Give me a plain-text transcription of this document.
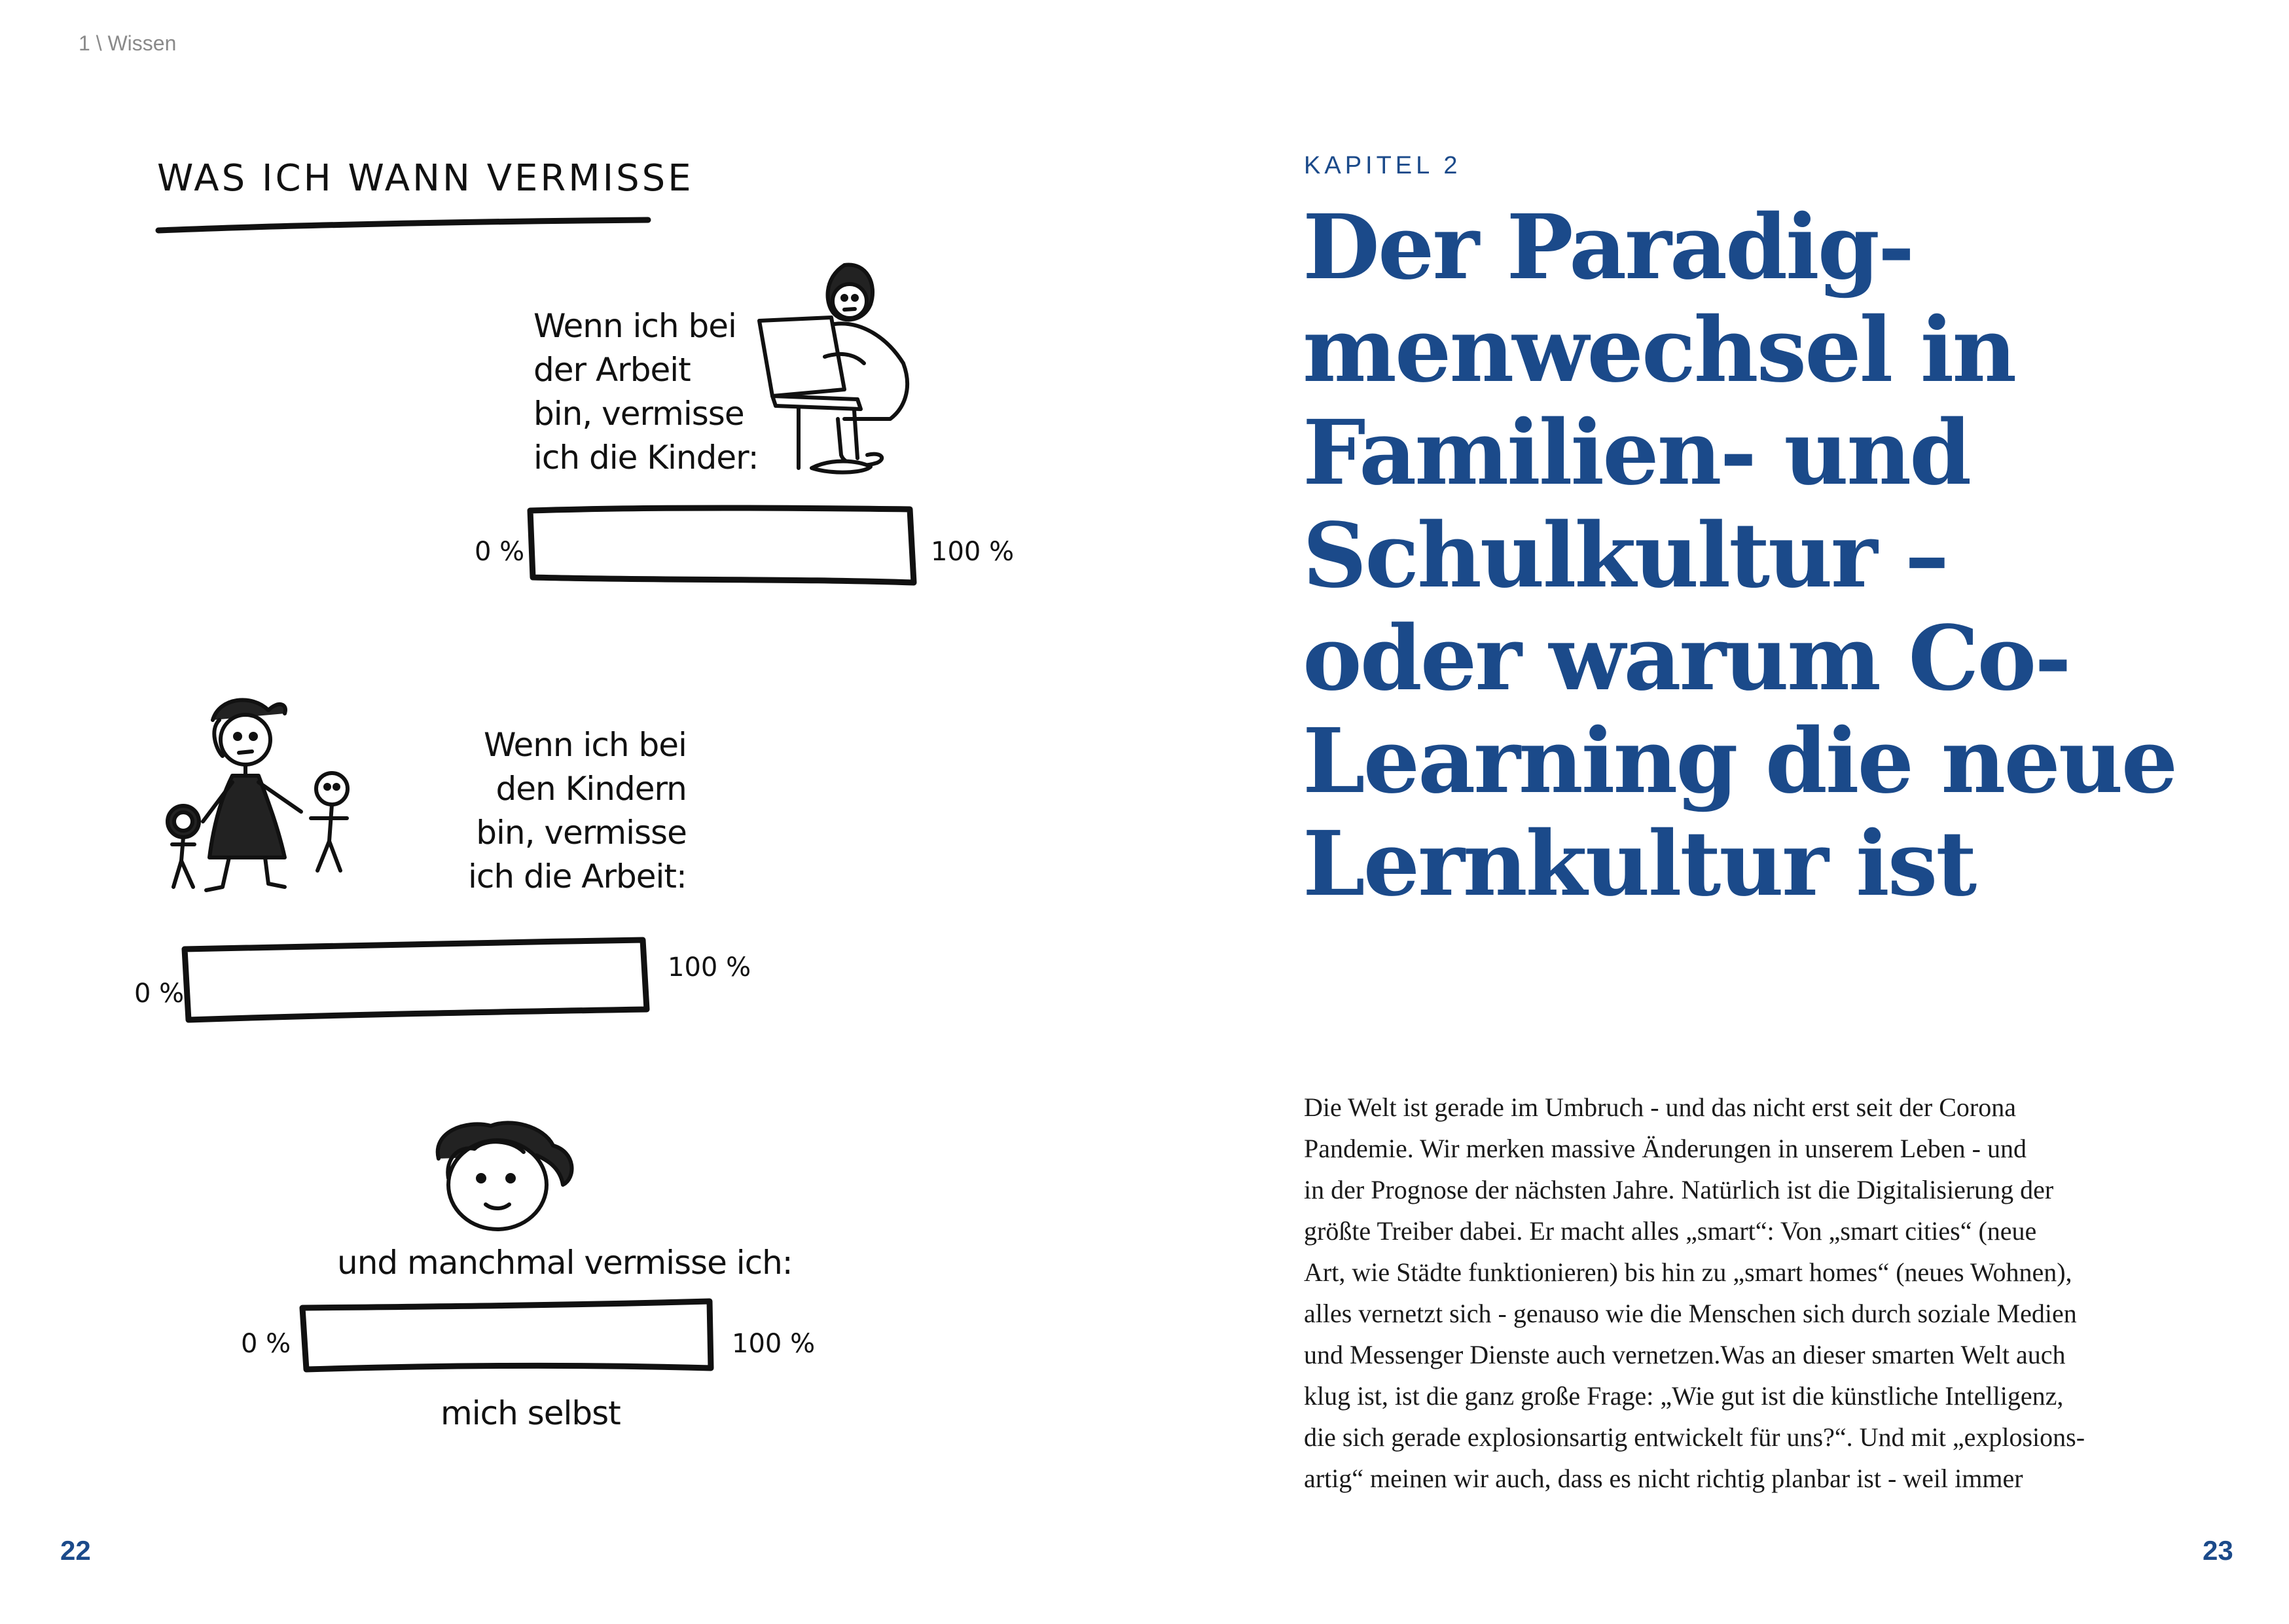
1 \ Wissen
WAS ICH WANN VERMISSE
Wenn ich bei
der Arbeit
bin, vermisse
ich die Kinder:
0 %	100 %
Wenn ich bei
den Kindern
bin, vermisse
ich die Arbeit:
0 %
100 %
und manchmal vermisse ich:
0 %	100 %
mich selbst
22
KAPITEL 2
Der Paradig-
menwechsel in
Familien- und
Schulkultur –
oder warum Co-
Learning die neue
Lernkultur ist

Die Welt ist gerade im Umbruch - und das nicht erst seit der Corona

Pandemie. Wir merken massive Änderungen in unserem Leben - und

in der Prognose der nächsten Jahre. Natürlich ist die Digitalisierung der

größte Treiber dabei. Er macht alles „smart“: Von „smart cities“ (neue

Art, wie Städte funktionieren) bis hin zu „smart homes“ (neues Wohnen),

alles vernetzt sich - genauso wie die Menschen sich durch soziale Medien

und Messenger Dienste auch vernetzen.Was an dieser smarten Welt auch

klug ist, ist die ganz große Frage: „Wie gut ist die künstliche Intelligenz,

die sich gerade explosionsartig entwickelt für uns?“. Und mit „explosions-

artig“ meinen wir auch, dass es nicht richtig planbar ist - weil immer

23
